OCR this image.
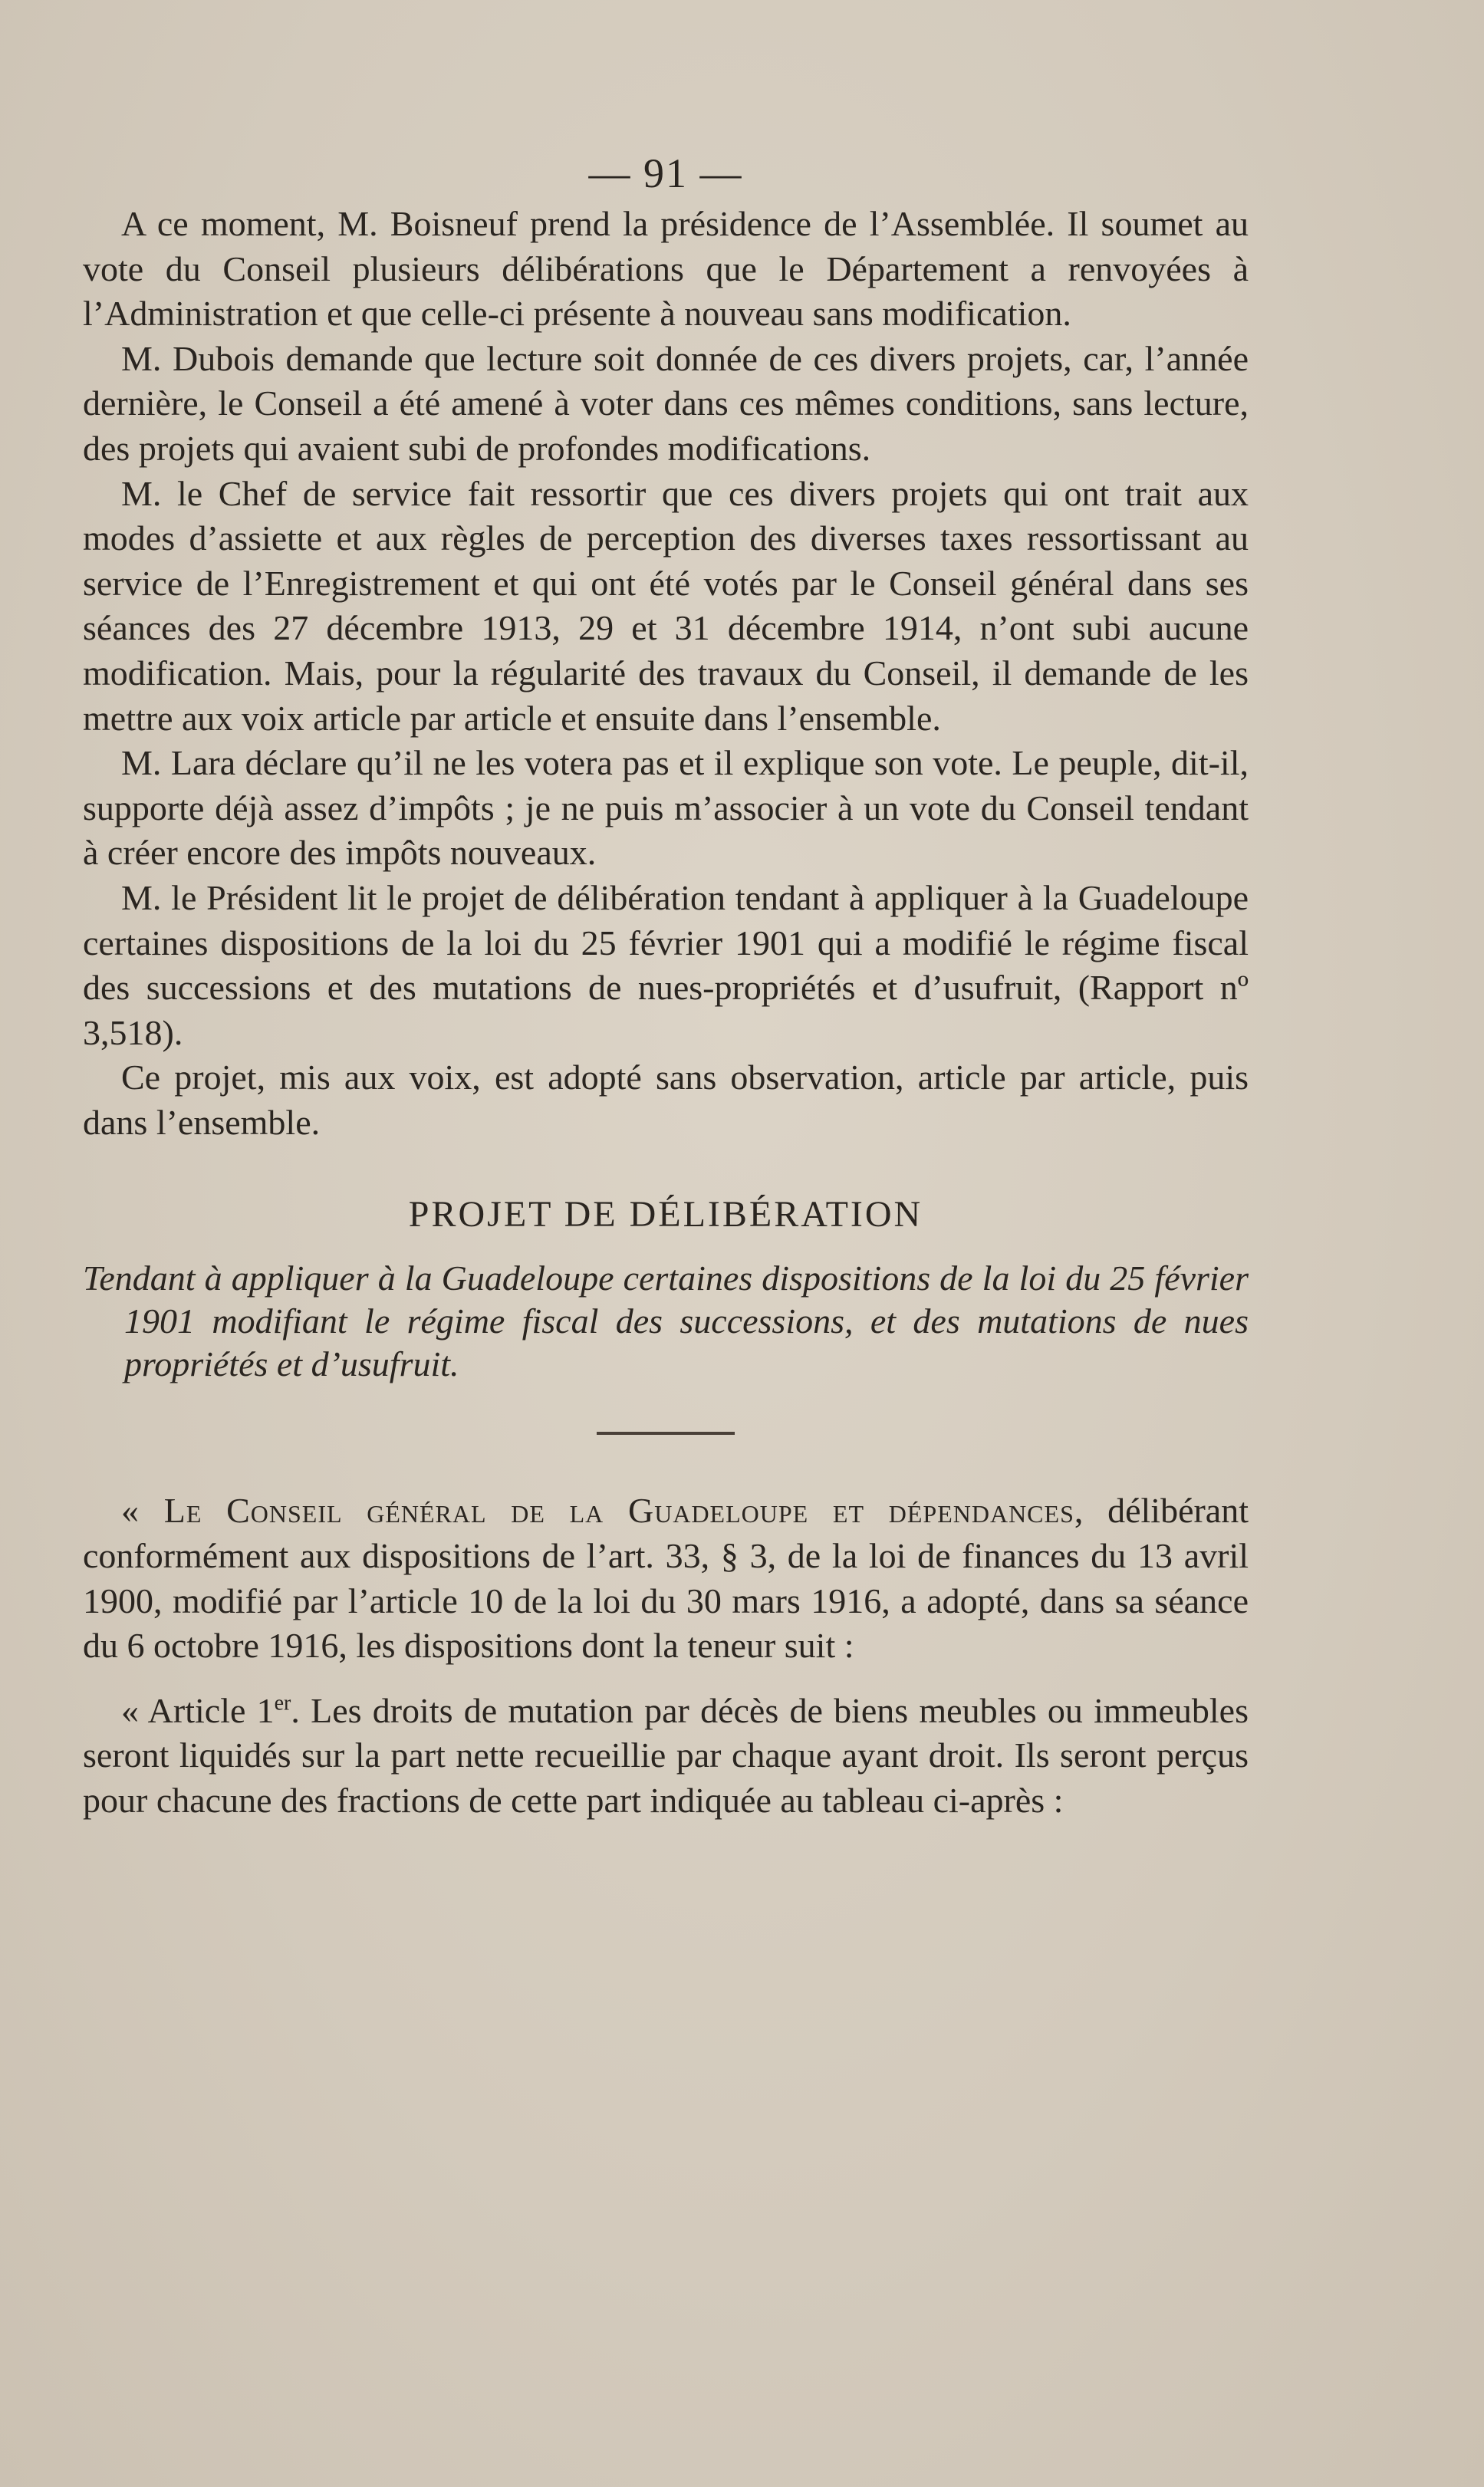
— 91 —

A ce moment, M. Boisneuf prend la présidence de l’Assemblée. Il soumet au vote du Conseil plusieurs délibérations que le Département a renvoyées à l’Administration et que celle-ci présente à nouveau sans modification.

M. Dubois demande que lecture soit donnée de ces divers projets, car, l’année dernière, le Conseil a été amené à voter dans ces mêmes conditions, sans lecture, des projets qui avaient subi de profondes modifications.

M. le Chef de service fait ressortir que ces divers projets qui ont trait aux modes d’assiette et aux règles de perception des diverses taxes ressortissant au service de l’Enregistrement et qui ont été votés par le Conseil général dans ses séances des 27 décembre 1913, 29 et 31 décembre 1914, n’ont subi aucune modification. Mais, pour la régularité des travaux du Conseil, il demande de les mettre aux voix article par article et ensuite dans l’ensemble.

M. Lara déclare qu’il ne les votera pas et il explique son vote. Le peuple, dit-il, supporte déjà assez d’impôts ; je ne puis m’associer à un vote du Conseil tendant à créer encore des impôts nouveaux.

M. le Président lit le projet de délibération tendant à appliquer à la Guadeloupe certaines dispositions de la loi du 25 février 1901 qui a modifié le régime fiscal des successions et des mutations de nues-propriétés et d’usufruit, (Rapport nº 3,518).

Ce projet, mis aux voix, est adopté sans observation, article par article, puis dans l’ensemble.

PROJET DE DÉLIBÉRATION
Tendant à appliquer à la Guadeloupe certaines dispositions de la loi du 25 février 1901 modifiant le régime fiscal des successions, et des mutations de nues propriétés et d’usufruit.

« Le Conseil général de la Guadeloupe et dépendances, délibérant conformément aux dispositions de l’art. 33, § 3, de la loi de finances du 13 avril 1900, modifié par l’article 10 de la loi du 30 mars 1916, a adopté, dans sa séance du 6 octobre 1916, les dispositions dont la teneur suit :

« Article 1er. Les droits de mutation par décès de biens meubles ou immeubles seront liquidés sur la part nette recueillie par chaque ayant droit. Ils seront perçus pour chacune des fractions de cette part indiquée au tableau ci-après :
